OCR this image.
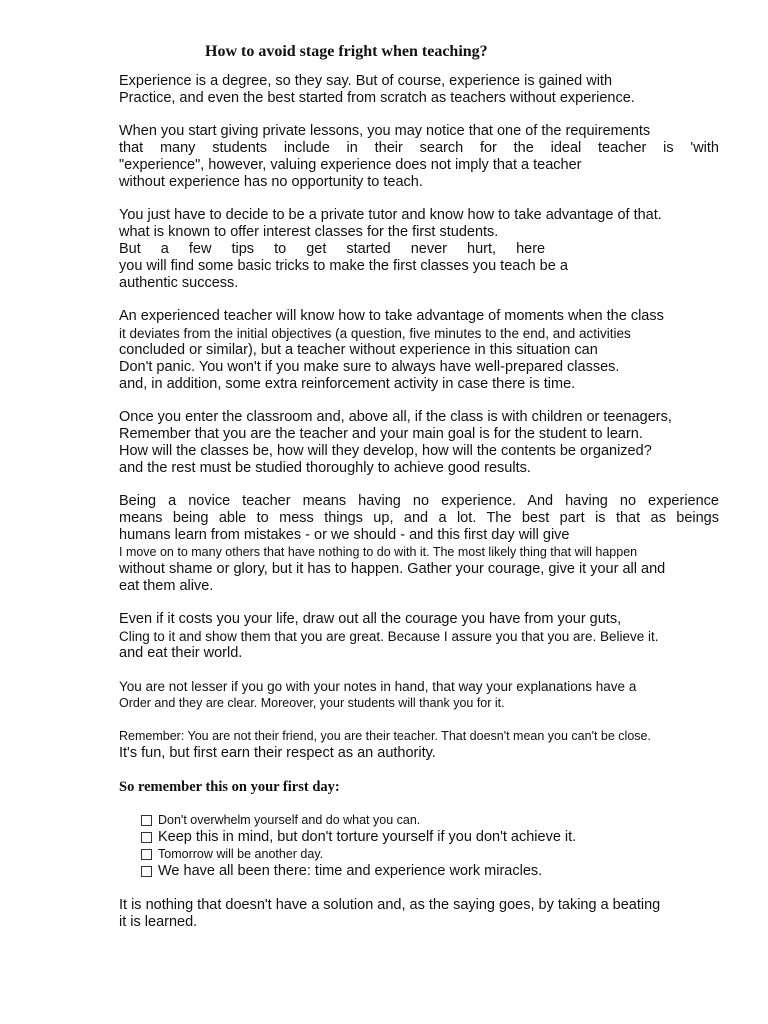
How to avoid stage fright when teaching?
Experience is a degree, so they say. But of course, experience is gained with
Practice, and even the best started from scratch as teachers without experience.
When you start giving private lessons, you may notice that one of the requirements
that many students include in their search for the ideal teacher is 'with
"experience", however, valuing experience does not imply that a teacher
without experience has no opportunity to teach.
You just have to decide to be a private tutor and know how to take advantage of that.
what is known to offer interest classes for the first students.
But a few tips to get started never hurt, here
you will find some basic tricks to make the first classes you teach be a
authentic success.
An experienced teacher will know how to take advantage of moments when the class
it deviates from the initial objectives (a question, five minutes to the end, and activities
concluded or similar), but a teacher without experience in this situation can
Don't panic. You won't if you make sure to always have well-prepared classes.
and, in addition, some extra reinforcement activity in case there is time.
Once you enter the classroom and, above all, if the class is with children or teenagers,
Remember that you are the teacher and your main goal is for the student to learn.
How will the classes be, how will they develop, how will the contents be organized?
and the rest must be studied thoroughly to achieve good results.
Being a novice teacher means having no experience. And having no experience
means being able to mess things up, and a lot. The best part is that as beings
humans learn from mistakes - or we should - and this first day will give
I move on to many others that have nothing to do with it. The most likely thing that will happen
without shame or glory, but it has to happen. Gather your courage, give it your all and
eat them alive.
Even if it costs you your life, draw out all the courage you have from your guts,
Cling to it and show them that you are great. Because I assure you that you are. Believe it.
and eat their world.
You are not lesser if you go with your notes in hand, that way your explanations have a
Order and they are clear. Moreover, your students will thank you for it.
Remember: You are not their friend, you are their teacher. That doesn't mean you can't be close.
It's fun, but first earn their respect as an authority.
So remember this on your first day:
Don't overwhelm yourself and do what you can.
Keep this in mind, but don't torture yourself if you don't achieve it.
Tomorrow will be another day.
We have all been there: time and experience work miracles.
It is nothing that doesn't have a solution and, as the saying goes, by taking a beating
it is learned.
